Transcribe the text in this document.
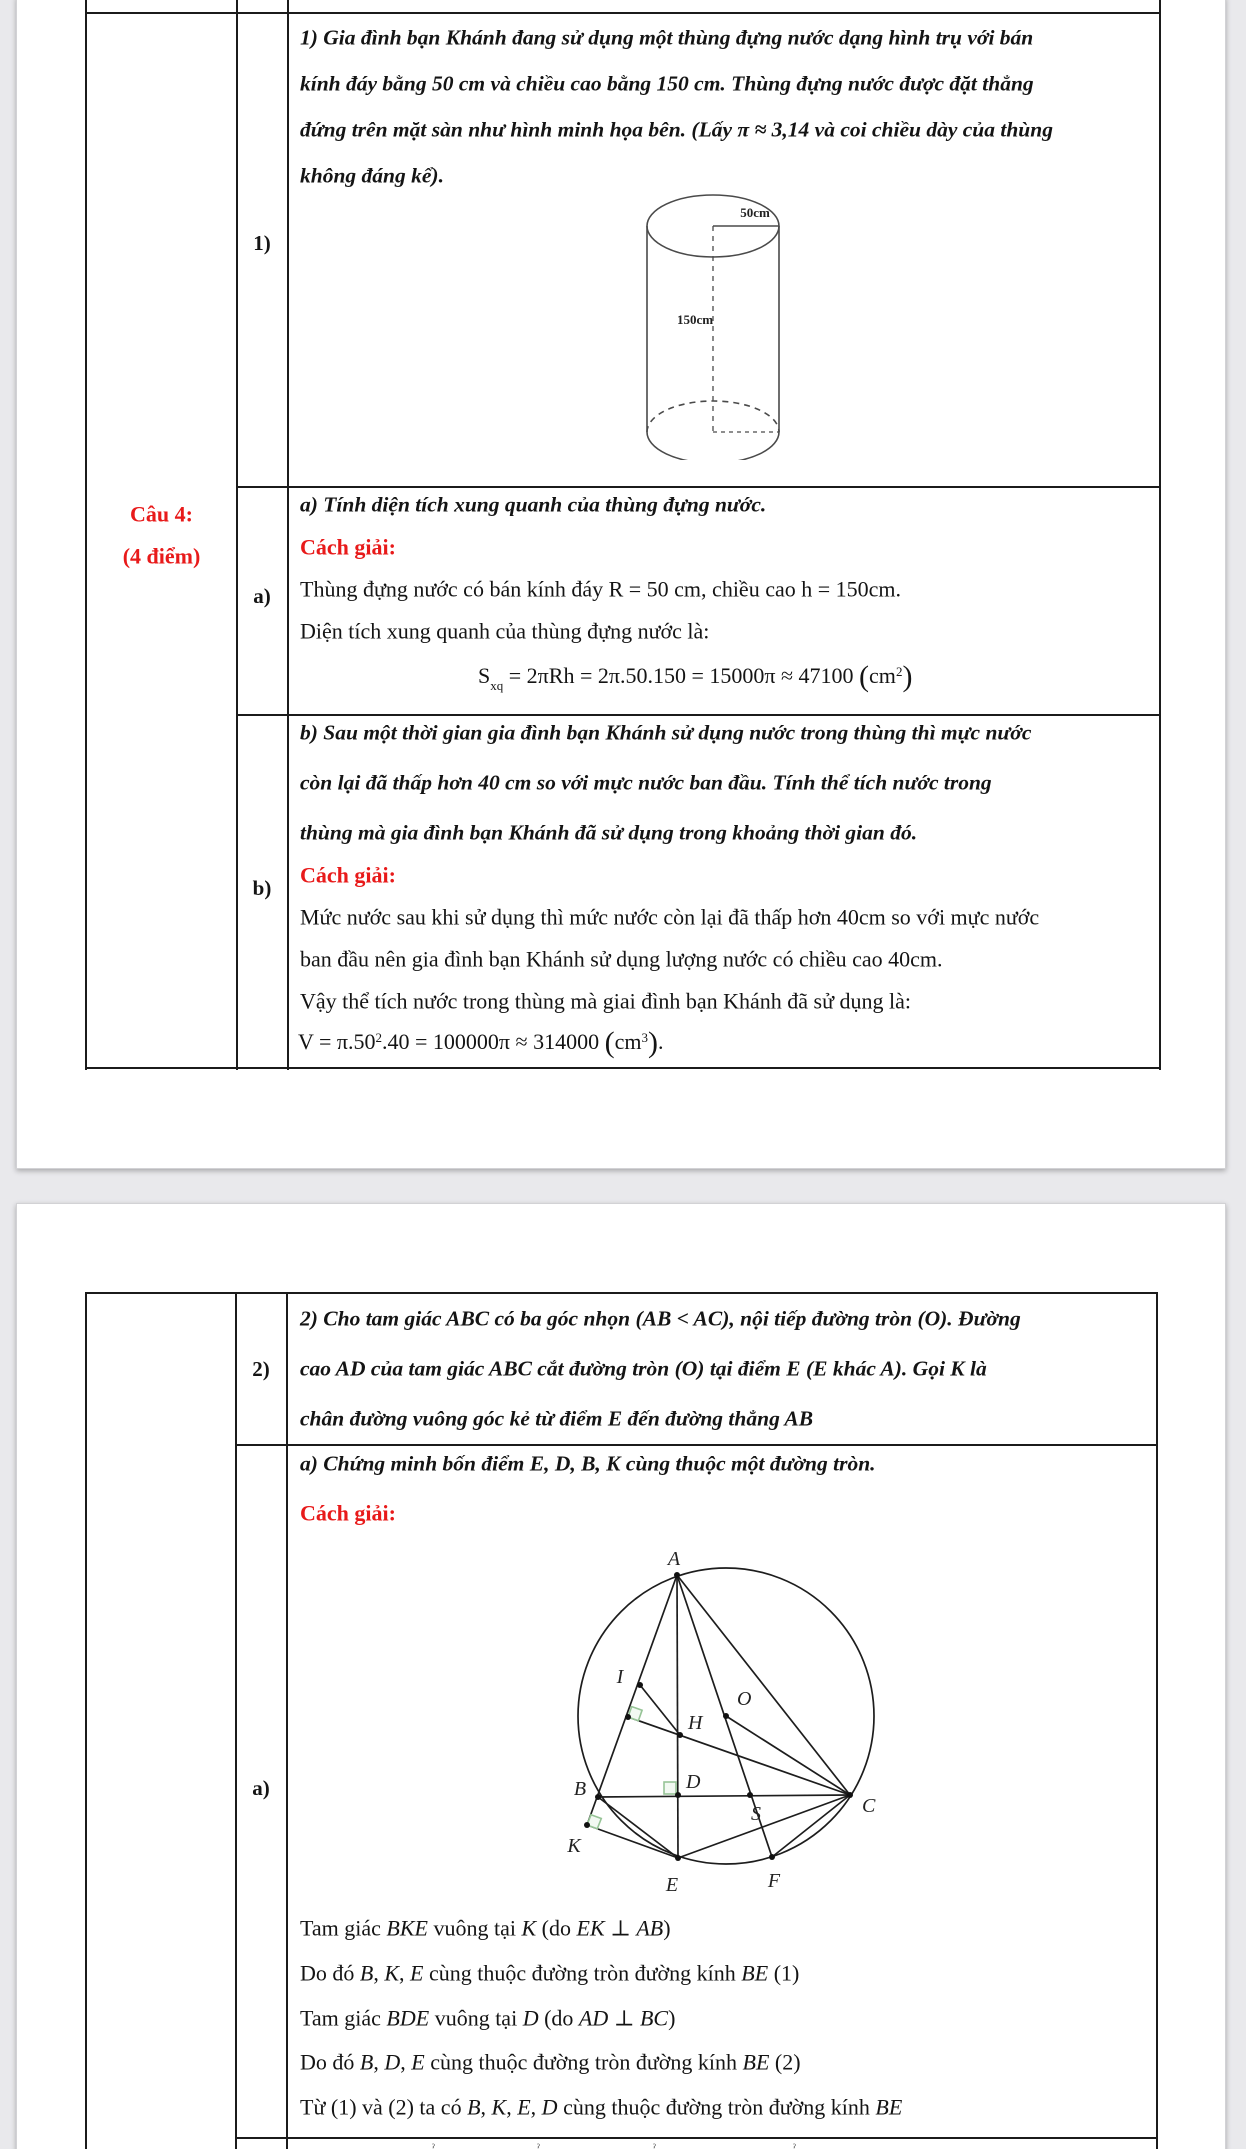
Câu 4:
(4 điểm)
1)
1) Gia đình bạn Khánh đang sử dụng một thùng đựng nước dạng hình trụ với bán
kính đáy bằng 50 cm và chiều cao bằng 150 cm. Thùng đựng nước được đặt thẳng
đứng trên mặt sàn như hình minh họa bên. (Lấy π ≈ 3,14 và coi chiều dày của thùng
không đáng kể).
50cm
150cm
a)
a) Tính diện tích xung quanh của thùng đựng nước.
Cách giải:
Thùng đựng nước có bán kính đáy R = 50 cm, chiều cao h = 150cm.
Diện tích xung quanh của thùng đựng nước là:
$S_{xq} = 2\pi Rh = 2\pi.50.150 = 15000\pi \approx 47100$ $(cm^2)$
b)
b) Sau một thời gian gia đình bạn Khánh sử dụng nước trong thùng thì mực nước
còn lại đã thấp hơn 40 cm so với mực nước ban đầu. Tính thể tích nước trong
thùng mà gia đình bạn Khánh đã sử dụng trong khoảng thời gian đó.
Cách giải:
Mức nước sau khi sử dụng thì mức nước còn lại đã thấp hơn 40cm so với mực nước
ban đầu nên gia đình bạn Khánh sử dụng lượng nước có chiều cao 40cm.
Vậy thể tích nước trong thùng mà giai đình bạn Khánh đã sử dụng là:
$V = \pi.50^2.40 = 100000\pi \approx 314000$ $(cm^3)$.
2)
2) Cho tam giác ABC có ba góc nhọn (AB < AC), nội tiếp đường tròn (O). Đường
cao AD của tam giác ABC cắt đường tròn (O) tại điểm E (E khác A). Gọi K là
chân đường vuông góc kẻ từ điểm E đến đường thẳng AB
a)
a) Chứng minh bốn điểm E, D, B, K cùng thuộc một đường tròn.
Cách giải:
A
I
O
H
B	D
S	C
K
E	F
Tam giác BKE vuông tại K (do EK ⊥ AB)
Do đó B, K, E cùng thuộc đường tròn đường kính BE (1)
Tam giác BDE vuông tại D (do AD ⊥ BC)
Do đó B, D, E cùng thuộc đường tròn đường kính BE (2)
Từ (1) và (2) ta có B, K, E, D cùng thuộc đường tròn đường kính BE
ˀ	ˀ	ˀ	ˀ
